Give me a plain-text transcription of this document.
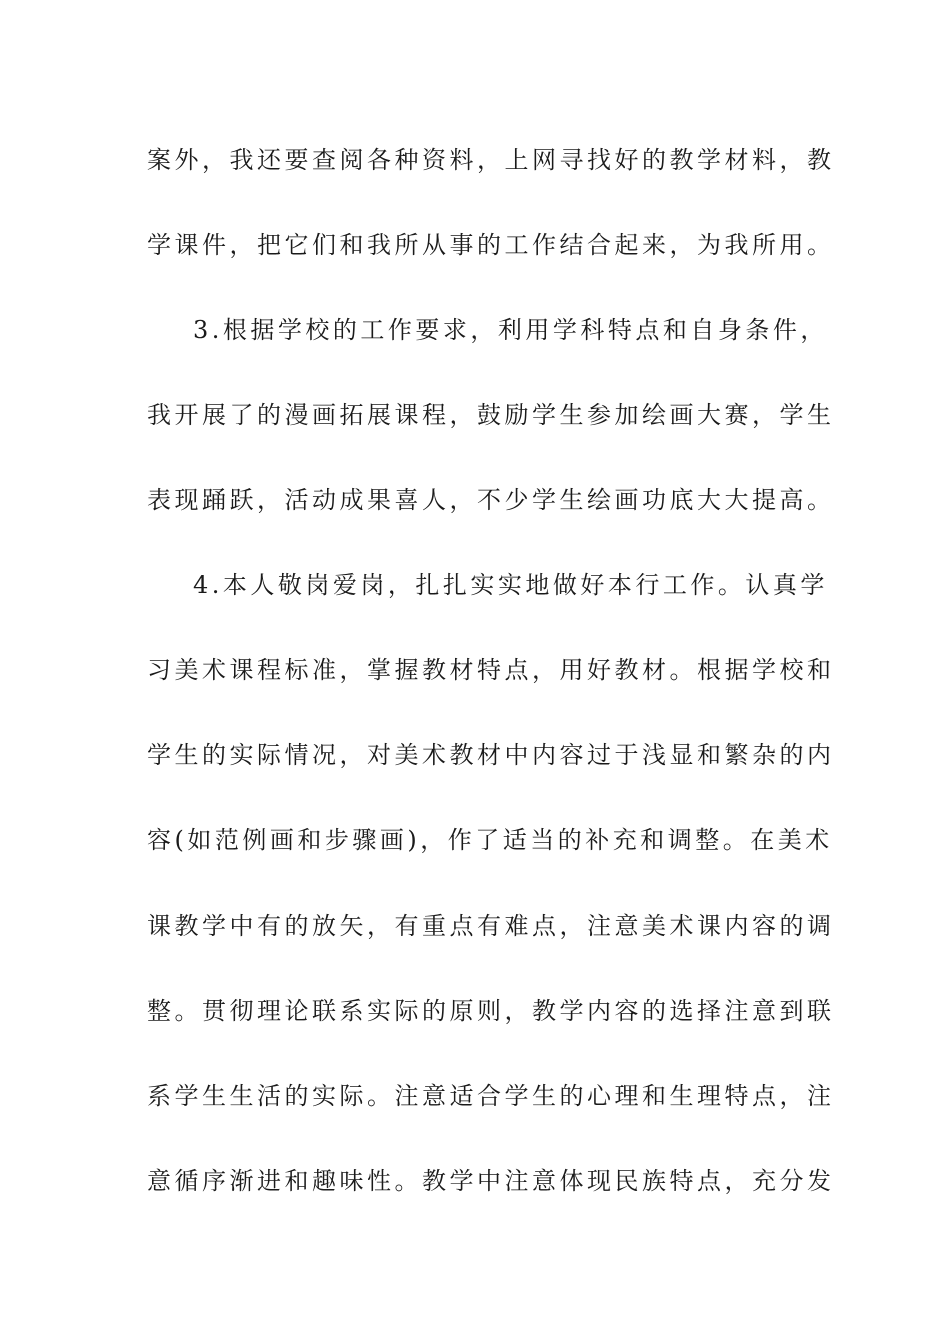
案外，我还要查阅各种资料，上网寻找好的教学材料，教
学课件，把它们和我所从事的工作结合起来，为我所用。
3.根据学校的工作要求，利用学科特点和自身条件，
我开展了的漫画拓展课程，鼓励学生参加绘画大赛，学生
表现踊跃，活动成果喜人，不少学生绘画功底大大提高。
4.本人敬岗爱岗，扎扎实实地做好本行工作。认真学
习美术课程标准，掌握教材特点，用好教材。根据学校和
学生的实际情况，对美术教材中内容过于浅显和繁杂的内
容(如范例画和步骤画)，作了适当的补充和调整。在美术
课教学中有的放矢，有重点有难点，注意美术课内容的调
整。贯彻理论联系实际的原则，教学内容的选择注意到联
系学生生活的实际。注意适合学生的心理和生理特点，注
意循序渐进和趣味性。教学中注意体现民族特点，充分发
